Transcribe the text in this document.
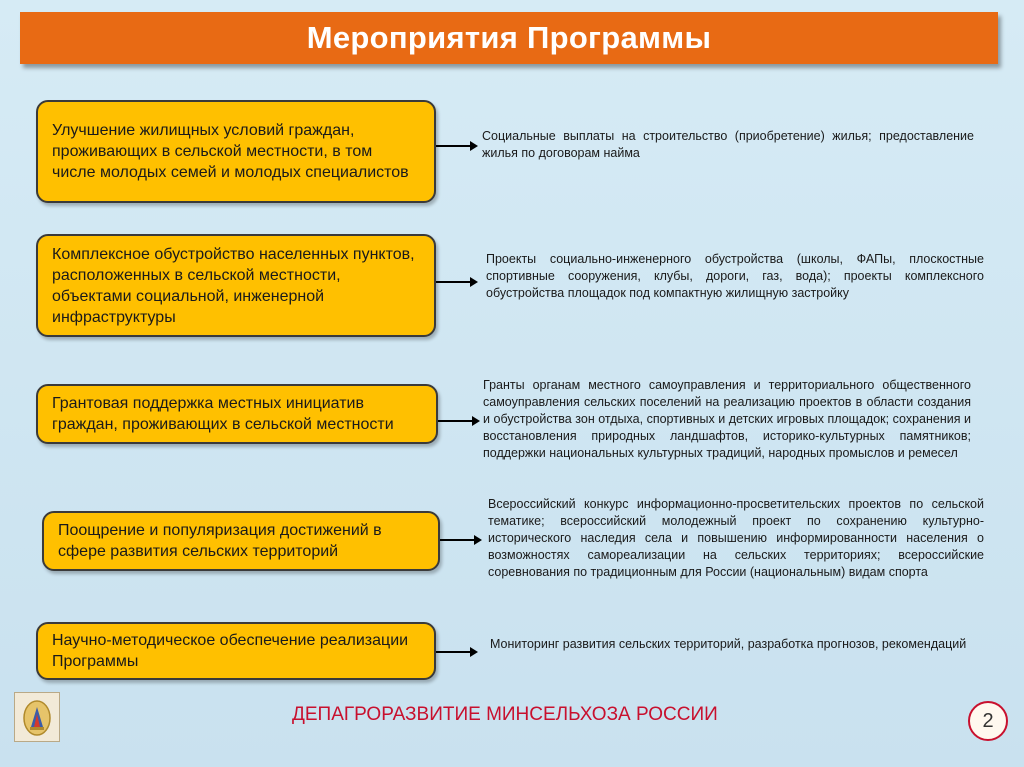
Мероприятия Программы
Улучшение жилищных условий граждан, проживающих в сельской местности, в том числе молодых семей и молодых специалистов
Социальные выплаты на строительство (приобретение) жилья; предоставление жилья по договорам найма
Комплексное обустройство населенных пунктов, расположенных в сельской местности, объектами социальной, инженерной инфраструктуры
Проекты социально-инженерного обустройства (школы, ФАПы, плоскостные спортивные сооружения, клубы, дороги, газ, вода); проекты комплексного обустройства площадок под компактную жилищную застройку
Грантовая поддержка местных инициатив граждан, проживающих в сельской местности
Гранты органам местного самоуправления и территориального общественного самоуправления сельских поселений на реализацию проектов в области создания и обустройства зон отдыха, спортивных и детских игровых площадок; сохранения и восстановления природных ландшафтов, историко-культурных памятников; поддержки национальных культурных традиций, народных промыслов и ремесел
Поощрение и популяризация достижений в сфере развития сельских территорий
Всероссийский конкурс информационно-просветительских проектов по сельской тематике; всероссийский молодежный проект по сохранению культурно-исторического наследия села и повышению информированности населения о возможностях самореализации на сельских территориях; всероссийские соревнования по традиционным для России (национальным) видам спорта
Научно-методическое обеспечение реализации Программы
Мониторинг развития сельских территорий, разработка прогнозов, рекомендаций
ДЕПАГРОРАЗВИТИЕ МИНСЕЛЬХОЗА РОССИИ	2
